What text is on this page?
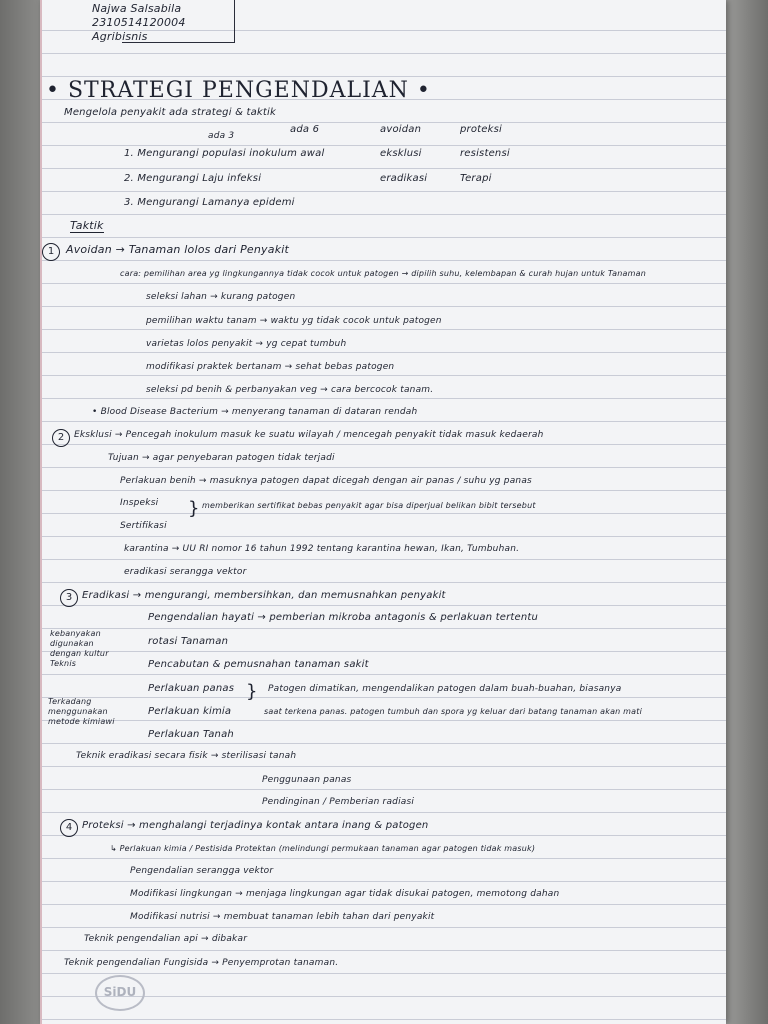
Najwa Salsabila
2310514120004
Agribisnis
• STRATEGI PENGENDALIAN •
Mengelola penyakit ada strategi & taktik
ada 3
ada 6	avoidan	proteksi
1. Mengurangi populasi inokulum awal	eksklusi	resistensi
2. Mengurangi Laju infeksi	eradikasi	Terapi
3. Mengurangi Lamanya epidemi
Taktik
1	Avoidan → Tanaman lolos dari Penyakit
cara: pemilihan area yg lingkungannya tidak cocok untuk patogen → dipilih suhu, kelembapan & curah hujan untuk Tanaman
seleksi lahan → kurang patogen
pemilihan waktu tanam → waktu yg tidak cocok untuk patogen
varietas lolos penyakit → yg cepat tumbuh
modifikasi praktek bertanam → sehat bebas patogen
seleksi pd benih & perbanyakan veg → cara bercocok tanam.
• Blood Disease Bacterium → menyerang tanaman di dataran rendah
2	Eksklusi → Pencegah inokulum masuk ke suatu wilayah / mencegah penyakit tidak masuk kedaerah
Tujuan → agar penyebaran patogen tidak terjadi
Perlakuan benih → masuknya patogen dapat dicegah dengan air panas / suhu yg panas
Inspeksi
Sertifikasi
} memberikan sertifikat bebas penyakit agar bisa diperjual belikan bibit tersebut
karantina → UU RI nomor 16 tahun 1992 tentang karantina hewan, Ikan, Tumbuhan.
eradikasi serangga vektor
3 Eradikasi → mengurangi, membersihkan, dan memusnahkan penyakit
kebanyakan digunakan dengan kultur Teknis
Terkadang menggunakan metode kimiawi
Pengendalian hayati → pemberian mikroba antagonis & perlakuan tertentu
rotasi Tanaman
Pencabutan & pemusnahan tanaman sakit
Perlakuan panas
Perlakuan kimia
Perlakuan Tanah
} Patogen dimatikan, mengendalikan patogen dalam buah-buahan, biasanya
saat terkena panas. patogen tumbuh dan spora yg keluar dari batang tanaman akan mati
Teknik eradikasi secara fisik → sterilisasi tanah
Penggunaan panas
Pendinginan / Pemberian radiasi
4 Proteksi → menghalangi terjadinya kontak antara inang & patogen
↳ Perlakuan kimia / Pestisida Protektan (melindungi permukaan tanaman agar patogen tidak masuk)
Pengendalian serangga vektor
Modifikasi lingkungan → menjaga lingkungan agar tidak disukai patogen, memotong dahan
Modifikasi nutrisi → membuat tanaman lebih tahan dari penyakit
Teknik pengendalian api → dibakar
Teknik pengendalian Fungisida → Penyemprotan tanaman.
SiDU
